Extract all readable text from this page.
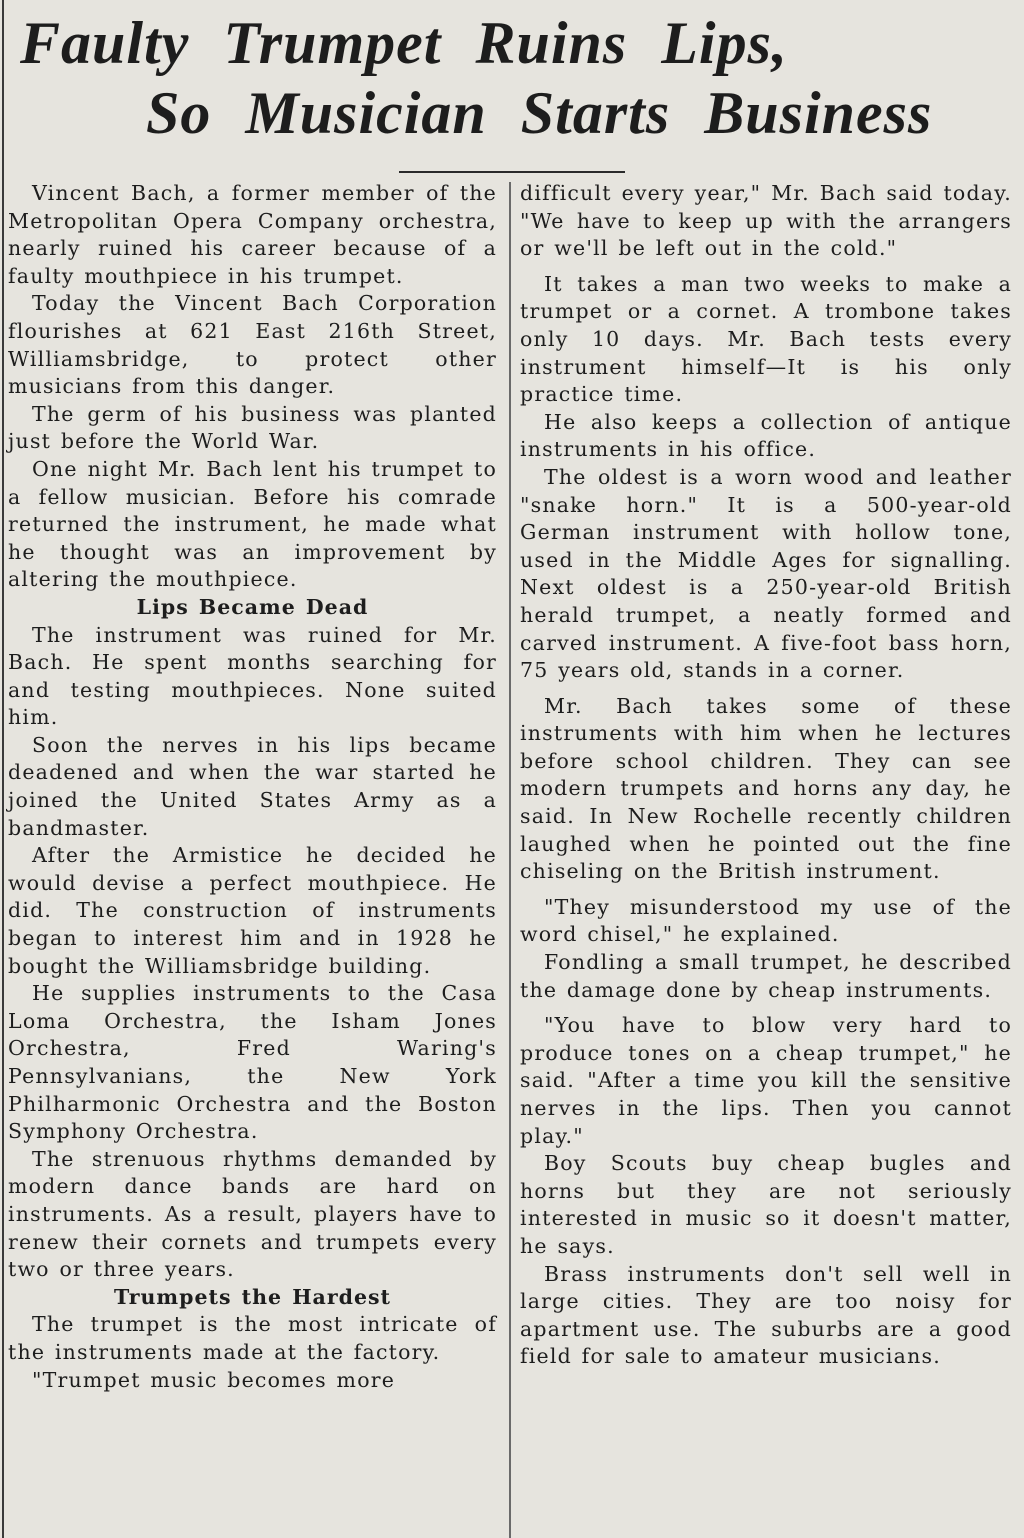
Faulty Trumpet Ruins Lips,
So Musician Starts Business

Vincent Bach, a former member of the Metropolitan Opera Company orchestra, nearly ruined his career because of a faulty mouthpiece in his trumpet.

Today the Vincent Bach Corporation flourishes at 621 East 216th Street, Williamsbridge, to protect other musicians from this danger.

The germ of his business was planted just before the World War.

One night Mr. Bach lent his trumpet to a fellow musician. Before his comrade returned the instrument, he made what he thought was an improvement by altering the mouthpiece.

Lips Became Dead

The instrument was ruined for Mr. Bach. He spent months searching for and testing mouthpieces. None suited him.

Soon the nerves in his lips became deadened and when the war started he joined the United States Army as a bandmaster.

After the Armistice he decided he would devise a perfect mouthpiece. He did. The construction of instruments began to interest him and in 1928 he bought the Williamsbridge building.

He supplies instruments to the Casa Loma Orchestra, the Isham Jones Orchestra, Fred Waring's Pennsylvanians, the New York Philharmonic Orchestra and the Boston Symphony Orchestra.

The strenuous rhythms demanded by modern dance bands are hard on instruments. As a result, players have to renew their cornets and trumpets every two or three years.

Trumpets the Hardest

The trumpet is the most intricate of the instruments made at the factory.

"Trumpet music becomes more

difficult every year," Mr. Bach said today. "We have to keep up with the arrangers or we'll be left out in the cold."

It takes a man two weeks to make a trumpet or a cornet. A trombone takes only 10 days. Mr. Bach tests every instrument himself—It is his only practice time.

He also keeps a collection of antique instruments in his office.

The oldest is a worn wood and leather "snake horn." It is a 500-year-old German instrument with hollow tone, used in the Middle Ages for signalling. Next oldest is a 250-year-old British herald trumpet, a neatly formed and carved instrument. A five-foot bass horn, 75 years old, stands in a corner.

Mr. Bach takes some of these instruments with him when he lectures before school children. They can see modern trumpets and horns any day, he said. In New Rochelle recently children laughed when he pointed out the fine chiseling on the British instrument.

"They misunderstood my use of the word chisel," he explained.

Fondling a small trumpet, he described the damage done by cheap instruments.

"You have to blow very hard to produce tones on a cheap trumpet," he said. "After a time you kill the sensitive nerves in the lips. Then you cannot play."

Boy Scouts buy cheap bugles and horns but they are not seriously interested in music so it doesn't matter, he says.

Brass instruments don't sell well in large cities. They are too noisy for apartment use. The suburbs are a good field for sale to amateur musicians.
